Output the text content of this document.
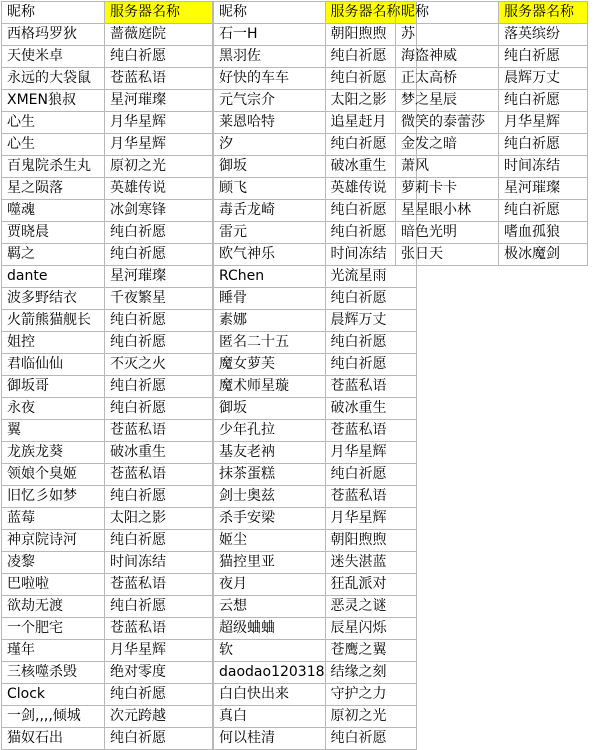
昵称	服务器名称
西格玛罗狄	蔷薇庭院
天使米卓	纯白祈愿
永远的大袋鼠	苍蓝私语
XMEN狼叔	星河璀璨
心生	月华星辉
心生	月华星辉
百鬼院杀生丸	原初之光
星之陨落	英雄传说
噬魂	冰剑寒锋
贾晓晨	纯白祈愿
羁之	纯白祈愿
dante	星河璀璨
波多野结衣	千夜繁星
火箭熊猫舰长	纯白祈愿
姐控	纯白祈愿
君临仙仙	不灭之火
御坂哥	纯白祈愿
永夜	纯白祈愿
翼	苍蓝私语
龙族龙葵	破冰重生
领娘个臭姬	苍蓝私语
旧忆彡如梦	纯白祈愿
蓝莓	太阳之影
神京院诗河	纯白祈愿
凌黎	时间冻结
巴啦啦	苍蓝私语
欲劫无渡	纯白祈愿
一个肥宅	苍蓝私语
瑾年	月华星辉
三核噬杀毁	绝对零度
Clock	纯白祈愿
一剑,,,,倾城	次元跨越
猫奴石出	纯白祈愿
昵称	服务器名称
石一H	朝阳煦煦
黑羽佐	纯白祈愿
好快的车车	纯白祈愿
元气宗介	太阳之影
莱恩哈特	追星赶月
汐	纯白祈愿
御坂	破冰重生
顾飞	英雄传说
毒舌龙崎	纯白祈愿
雷元	纯白祈愿
欧气神乐	时间冻结
RChen	光流星雨
睡骨	纯白祈愿
素娜	晨辉万丈
匿名二十五	纯白祈愿
魔女萝芙	纯白祈愿
魔术师星璇	苍蓝私语
御坂	破冰重生
少年孔拉	苍蓝私语
基友老衲	月华星辉
抹茶蛋糕	纯白祈愿
剑士奥兹	苍蓝私语
杀手安梁	月华星辉
姬尘	朝阳煦煦
猫控里亚	迷失湛蓝
夜月	狂乱派对
云想	恶灵之谜
超级蛐蛐	辰星闪烁
软	苍鹰之翼
daodao120318	结缘之刻
白白快出来	守护之力
真白	原初之光
何以桂清	纯白祈愿
昵称	服务器名称
苏	落英缤纷
海盗神威	纯白祈愿
正太高桥	晨辉万丈
梦之星辰	纯白祈愿
微笑的泰蕾莎	月华星辉
金发之暗	纯白祈愿
萧风	时间冻结
萝莉卡卡	星河璀璨
星星眼小林	纯白祈愿
暗色光明	嗜血孤狼
张日天	极冰魔剑
